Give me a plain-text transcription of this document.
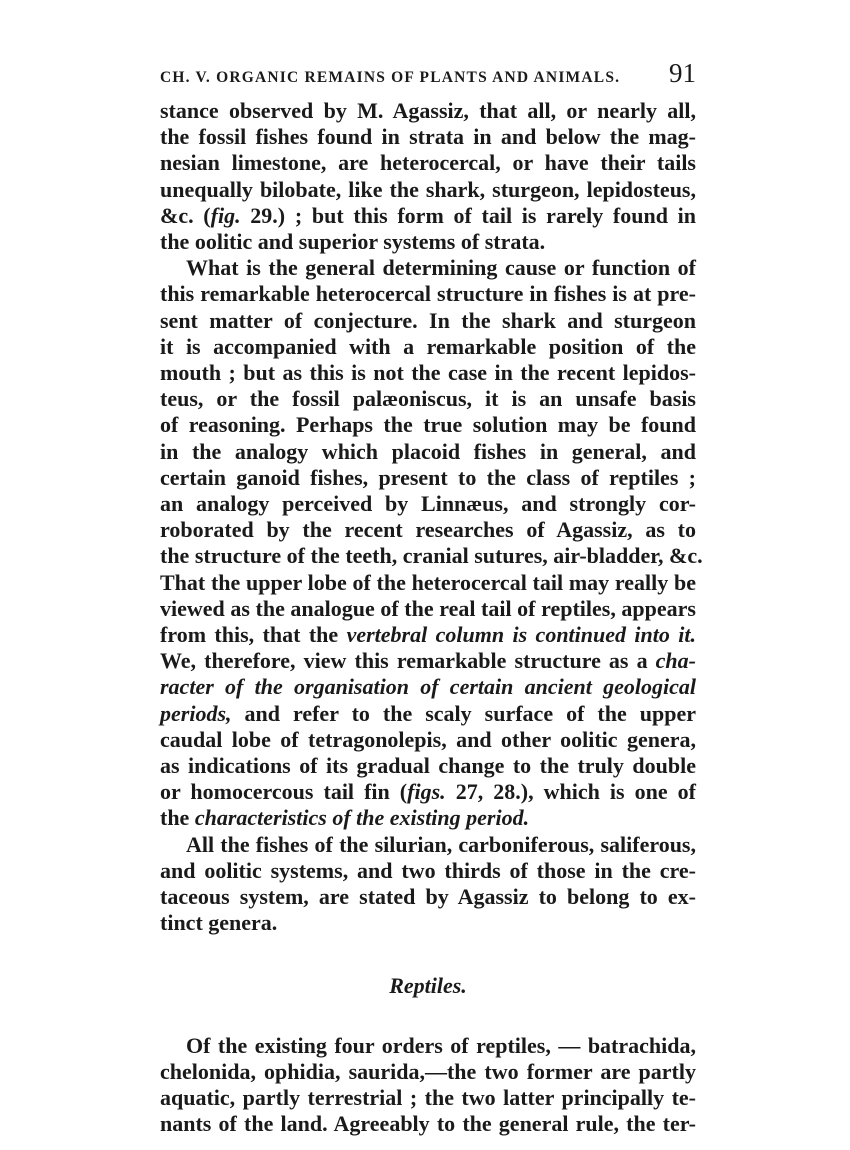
CH. V. ORGANIC REMAINS OF PLANTS AND ANIMALS. 91
stance observed by M. Agassiz, that all, or nearly all,
the fossil fishes found in strata in and below the mag-
nesian limestone, are heterocercal, or have their tails
unequally bilobate, like the shark, sturgeon, lepidosteus,
&c. (fig. 29.) ; but this form of tail is rarely found in
the oolitic and superior systems of strata.
What is the general determining cause or function of
this remarkable heterocercal structure in fishes is at pre-
sent matter of conjecture. In the shark and sturgeon
it is accompanied with a remarkable position of the
mouth ; but as this is not the case in the recent lepidos-
teus, or the fossil palæoniscus, it is an unsafe basis
of reasoning. Perhaps the true solution may be found
in the analogy which placoid fishes in general, and
certain ganoid fishes, present to the class of reptiles ;
an analogy perceived by Linnæus, and strongly cor-
roborated by the recent researches of Agassiz, as to
the structure of the teeth, cranial sutures, air-bladder, &c.
That the upper lobe of the heterocercal tail may really be
viewed as the analogue of the real tail of reptiles, appears
from this, that the vertebral column is continued into it.
We, therefore, view this remarkable structure as a cha-
racter of the organisation of certain ancient geological
periods, and refer to the scaly surface of the upper
caudal lobe of tetragonolepis, and other oolitic genera,
as indications of its gradual change to the truly double
or homocercous tail fin (figs. 27, 28.), which is one of
the characteristics of the existing period.
All the fishes of the silurian, carboniferous, saliferous,
and oolitic systems, and two thirds of those in the cre-
taceous system, are stated by Agassiz to belong to ex-
tinct genera.
Reptiles.
Of the existing four orders of reptiles, — batrachida,
chelonida, ophidia, saurida,—the two former are partly
aquatic, partly terrestrial ; the two latter principally te-
nants of the land. Agreeably to the general rule, the ter-
